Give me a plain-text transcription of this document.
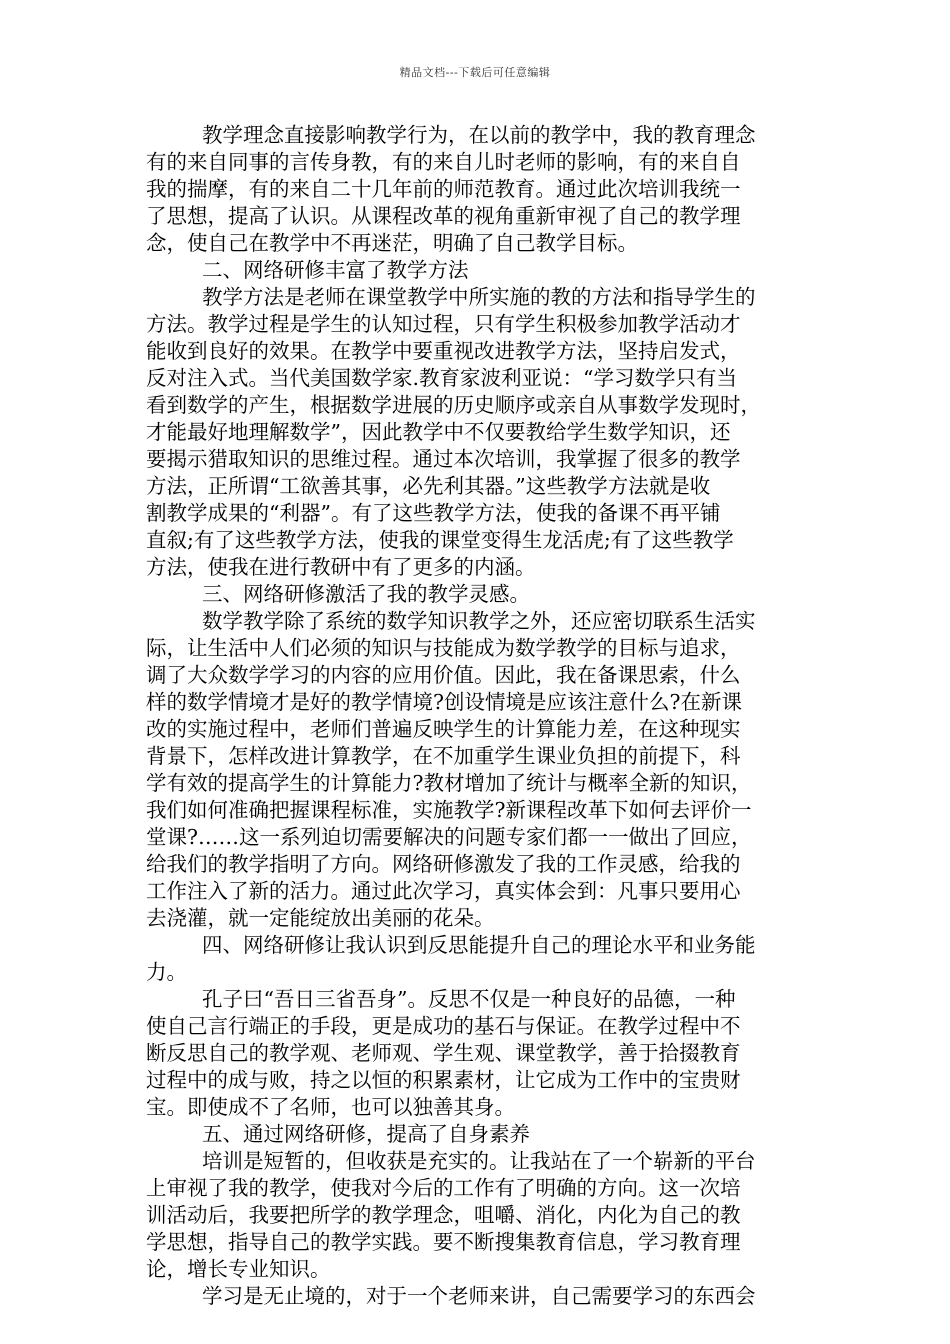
精品文档---下载后可任意编辑
教学理念直接影响教学行为，在以前的教学中，我的教育理念
有的来自同事的言传身教，有的来自儿时老师的影响，有的来自自
我的揣摩，有的来自二十几年前的师范教育。通过此次培训我统一
了思想，提高了认识。从课程改革的视角重新审视了自己的教学理
念，使自己在教学中不再迷茫，明确了自己教学目标。
二、网络研修丰富了教学方法
教学方法是老师在课堂教学中所实施的教的方法和指导学生的
方法。教学过程是学生的认知过程，只有学生积极参加教学活动才
能收到良好的效果。在教学中要重视改进教学方法，坚持启发式，
反对注入式。当代美国数学家.教育家波利亚说：“学习数学只有当
看到数学的产生，根据数学进展的历史顺序或亲自从事数学发现时，
才能最好地理解数学”，因此教学中不仅要教给学生数学知识，还
要揭示猎取知识的思维过程。通过本次培训，我掌握了很多的教学
方法，正所谓“工欲善其事，必先利其器。”这些教学方法就是收
割教学成果的“利器”。有了这些教学方法，使我的备课不再平铺
直叙;有了这些教学方法，使我的课堂变得生龙活虎;有了这些教学
方法，使我在进行教研中有了更多的内涵。
三、网络研修激活了我的教学灵感。
数学教学除了系统的数学知识教学之外，还应密切联系生活实
际，让生活中人们必须的知识与技能成为数学教学的目标与追求，
调了大众数学学习的内容的应用价值。因此，我在备课思索，什么
样的数学情境才是好的教学情境?创设情境是应该注意什么?在新课
改的实施过程中，老师们普遍反映学生的计算能力差，在这种现实
背景下，怎样改进计算教学，在不加重学生课业负担的前提下，科
学有效的提高学生的计算能力?教材增加了统计与概率全新的知识，
我们如何准确把握课程标准，实施教学?新课程改革下如何去评价一
堂课?……这一系列迫切需要解决的问题专家们都一一做出了回应，
给我们的教学指明了方向。网络研修激发了我的工作灵感，给我的
工作注入了新的活力。通过此次学习，真实体会到：凡事只要用心
去浇灌，就一定能绽放出美丽的花朵。
四、网络研修让我认识到反思能提升自己的理论水平和业务能
力。
孔子曰“吾日三省吾身”。反思不仅是一种良好的品德，一种
使自己言行端正的手段，更是成功的基石与保证。在教学过程中不
断反思自己的教学观、老师观、学生观、课堂教学，善于拾掇教育
过程中的成与败，持之以恒的积累素材，让它成为工作中的宝贵财
宝。即使成不了名师，也可以独善其身。
五、通过网络研修，提高了自身素养
培训是短暂的，但收获是充实的。让我站在了一个崭新的平台
上审视了我的教学，使我对今后的工作有了明确的方向。这一次培
训活动后，我要把所学的教学理念，咀嚼、消化，内化为自己的教
学思想，指导自己的教学实践。要不断搜集教育信息，学习教育理
论，增长专业知识。
学习是无止境的，对于一个老师来讲，自己需要学习的东西会
